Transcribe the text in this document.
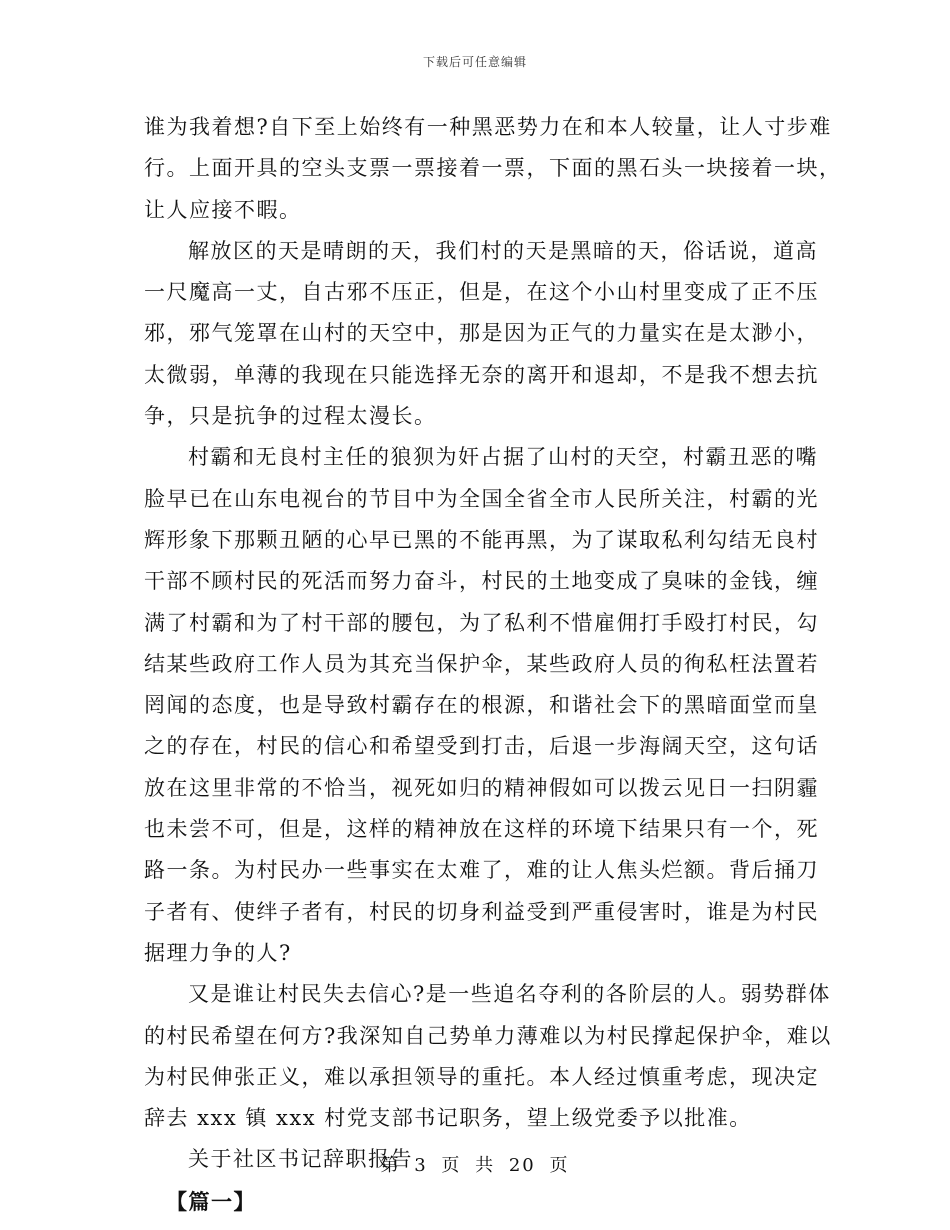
下载后可任意编辑
谁为我着想?自下至上始终有一种黑恶势力在和本人较量，让人寸步难
行。上面开具的空头支票一票接着一票，下面的黑石头一块接着一块，
让人应接不暇。
解放区的天是晴朗的天，我们村的天是黑暗的天，俗话说，道高
一尺魔高一丈，自古邪不压正，但是，在这个小山村里变成了正不压
邪，邪气笼罩在山村的天空中，那是因为正气的力量实在是太渺小，
太微弱，单薄的我现在只能选择无奈的离开和退却，不是我不想去抗
争，只是抗争的过程太漫长。
村霸和无良村主任的狼狈为奸占据了山村的天空，村霸丑恶的嘴
脸早已在山东电视台的节目中为全国全省全市人民所关注，村霸的光
辉形象下那颗丑陋的心早已黑的不能再黑，为了谋取私利勾结无良村
干部不顾村民的死活而努力奋斗，村民的土地变成了臭味的金钱，缠
满了村霸和为了村干部的腰包，为了私利不惜雇佣打手殴打村民，勾
结某些政府工作人员为其充当保护伞，某些政府人员的徇私枉法置若
罔闻的态度，也是导致村霸存在的根源，和谐社会下的黑暗面堂而皇
之的存在，村民的信心和希望受到打击，后退一步海阔天空，这句话
放在这里非常的不恰当，视死如归的精神假如可以拨云见日一扫阴霾
也未尝不可，但是，这样的精神放在这样的环境下结果只有一个，死
路一条。为村民办一些事实在太难了，难的让人焦头烂额。背后捅刀
子者有、使绊子者有，村民的切身利益受到严重侵害时，谁是为村民
据理力争的人?
又是谁让村民失去信心?是一些追名夺利的各阶层的人。弱势群体
的村民希望在何方?我深知自己势单力薄难以为村民撑起保护伞，难以
为村民伸张正义，难以承担领导的重托。本人经过慎重考虑，现决定
辞去 xxx 镇 xxx 村党支部书记职务，望上级党委予以批准。
关于社区书记辞职报告
【篇一】
第 3 页 共 20 页
